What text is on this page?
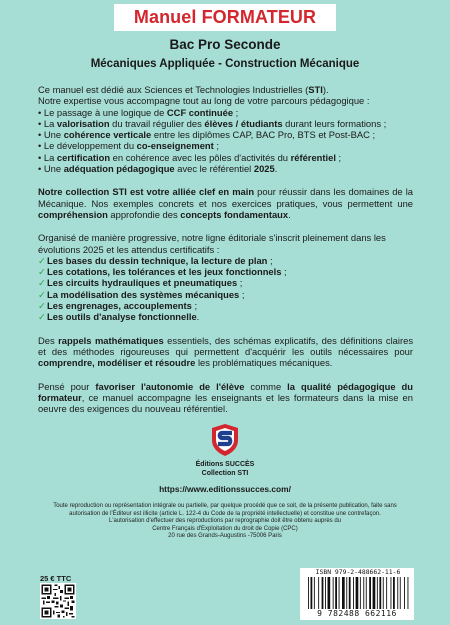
Manuel FORMATEUR
Bac Pro Seconde
Mécaniques Appliquée - Construction Mécanique

Ce manuel est dédié aux Sciences et Technologies Industrielles (STI).

Notre expertise vous accompagne tout au long de votre parcours pédagogique :

• Le passage à une logique de CCF continuée ;

• La valorisation du travail régulier des élèves / étudiants durant leurs formations ;

• Une cohérence verticale entre les diplômes CAP, BAC Pro, BTS et Post-BAC ;

• Le développement du co-enseignement ;

• La certification en cohérence avec les pôles d'activités du référentiel ;

• Une adéquation pédagogique avec le référentiel 2025.

Notre collection STI est votre alliée clef en main pour réussir dans les domaines de la Mécanique. Nos exemples concrets et nos exercices pratiques, vous permettent une compréhension approfondie des concepts fondamentaux.

Organisé de manière progressive, notre ligne éditoriale s'inscrit pleinement dans les

évolutions 2025 et les attendus certificatifs :

✓Les bases du dessin technique, la lecture de plan ;

✓Les cotations, les tolérances et les jeux fonctionnels ;

✓Les circuits hydrauliques et pneumatiques ;

✓La modélisation des systèmes mécaniques ;

✓Les engrenages, accouplements ;

✓Les outils d'analyse fonctionnelle.

Des rappels mathématiques essentiels, des schémas explicatifs, des définitions claires et des méthodes rigoureuses qui permettent d'acquérir les outils nécessaires pour comprendre, modéliser et résoudre les problématiques mécaniques.

Pensé pour favoriser l'autonomie de l'élève comme la qualité pédagogique du formateur, ce manuel accompagne les enseignants et les formateurs dans la mise en oeuvre des exigences du nouveau référentiel.

Éditions SUCCÈS
Collection STI
https://www.editionssucces.com/
Toute reproduction ou représentation intégrale ou partielle, par quelque procédé que ce soit, de la présente publication, faite sans
autorisation de l'Éditeur est illicite (article L. 122-4 du Code de la propriété intellectuelle) et constitue une contrefaçon.
L'autorisation d'effectuer des reproductions par reprographie doit être obtenu auprès du
Centre Français d'Exploitation du droit de Copie (CPC)
20 rue des Grands-Augustins -75006 Paris
25 € TTC
ISBN 979-2-488662-11-6
9 782488 662116
